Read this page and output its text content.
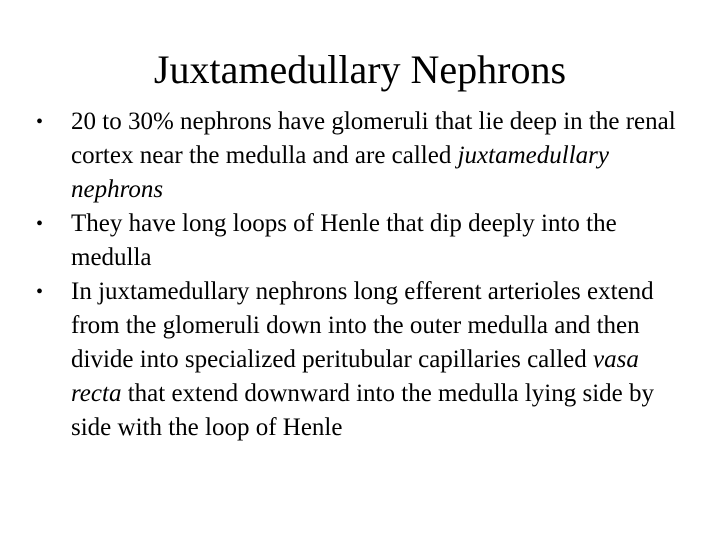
Juxtamedullary Nephrons
•	20 to 30% nephrons have glomeruli that lie deep in the renal cortex near the medulla and are called juxtamedullary nephrons
•	They have long loops of Henle that dip deeply into the medulla
•	In juxtamedullary nephrons long efferent arterioles extend from the glomeruli down into the outer medulla and then divide into specialized peritubular capillaries called vasa recta that extend downward into the medulla lying side by side with the loop of Henle
